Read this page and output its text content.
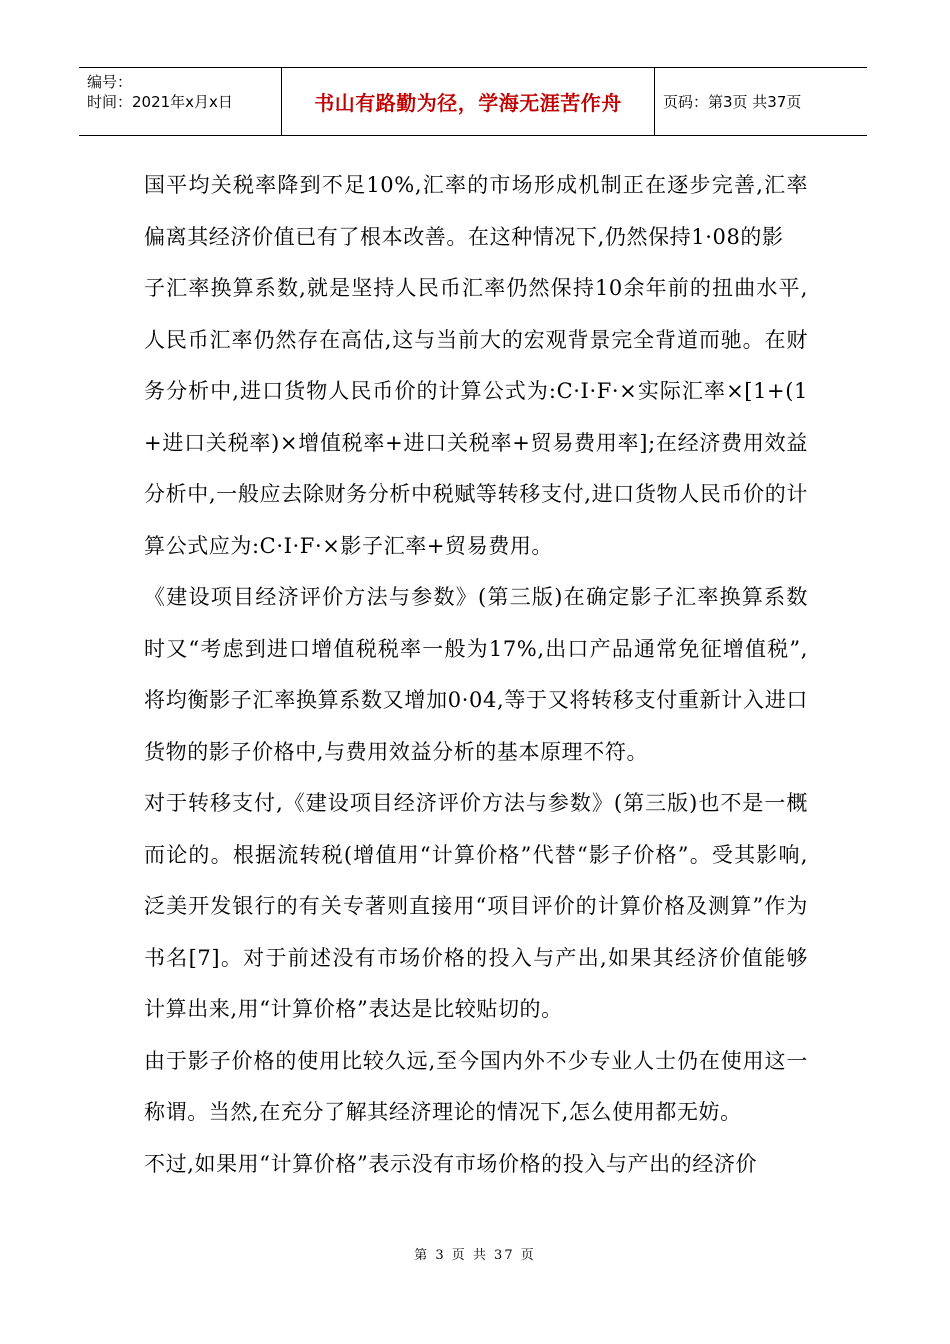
编号：
时间：2021年x月x日	书山有路勤为径，学海无涯苦作舟	页码：第3页 共37页

国平均关税率降到不足10%,汇率的市场形成机制正在逐步完善,汇率偏离其经济价值已有了根本改善。在这种情况下,仍然保持1·08的影

子汇率换算系数,就是坚持人民币汇率仍然保持10余年前的扭曲水平,人民币汇率仍然存在高估,这与当前大的宏观背景完全背道而驰。在财务分析中,进口货物人民币价的计算公式为:C·I·F·×实际汇率×[1+(1+进口关税率)×增值税率+进口关税率+贸易费用率];在经济费用效益分析中,一般应去除财务分析中税赋等转移支付,进口货物人民币价的计算公式应为:C·I·F·×影子汇率+贸易费用。

《建设项目经济评价方法与参数》(第三版)在确定影子汇率换算系数时又“考虑到进口增值税税率一般为17%,出口产品通常免征增值税”,将均衡影子汇率换算系数又增加0·04,等于又将转移支付重新计入进口货物的影子价格中,与费用效益分析的基本原理不符。

对于转移支付,《建设项目经济评价方法与参数》(第三版)也不是一概而论的。根据流转税(增值用“计算价格”代替“影子价格”。受其影响,泛美开发银行的有关专著则直接用“项目评价的计算价格及测算”作为书名[7]。对于前述没有市场价格的投入与产出,如果其经济价值能够计算出来,用“计算价格”表达是比较贴切的。

由于影子价格的使用比较久远,至今国内外不少专业人士仍在使用这一称谓。当然,在充分了解其经济理论的情况下,怎么使用都无妨。

不过,如果用“计算价格”表示没有市场价格的投入与产出的经济价

第 3 页 共 37 页
